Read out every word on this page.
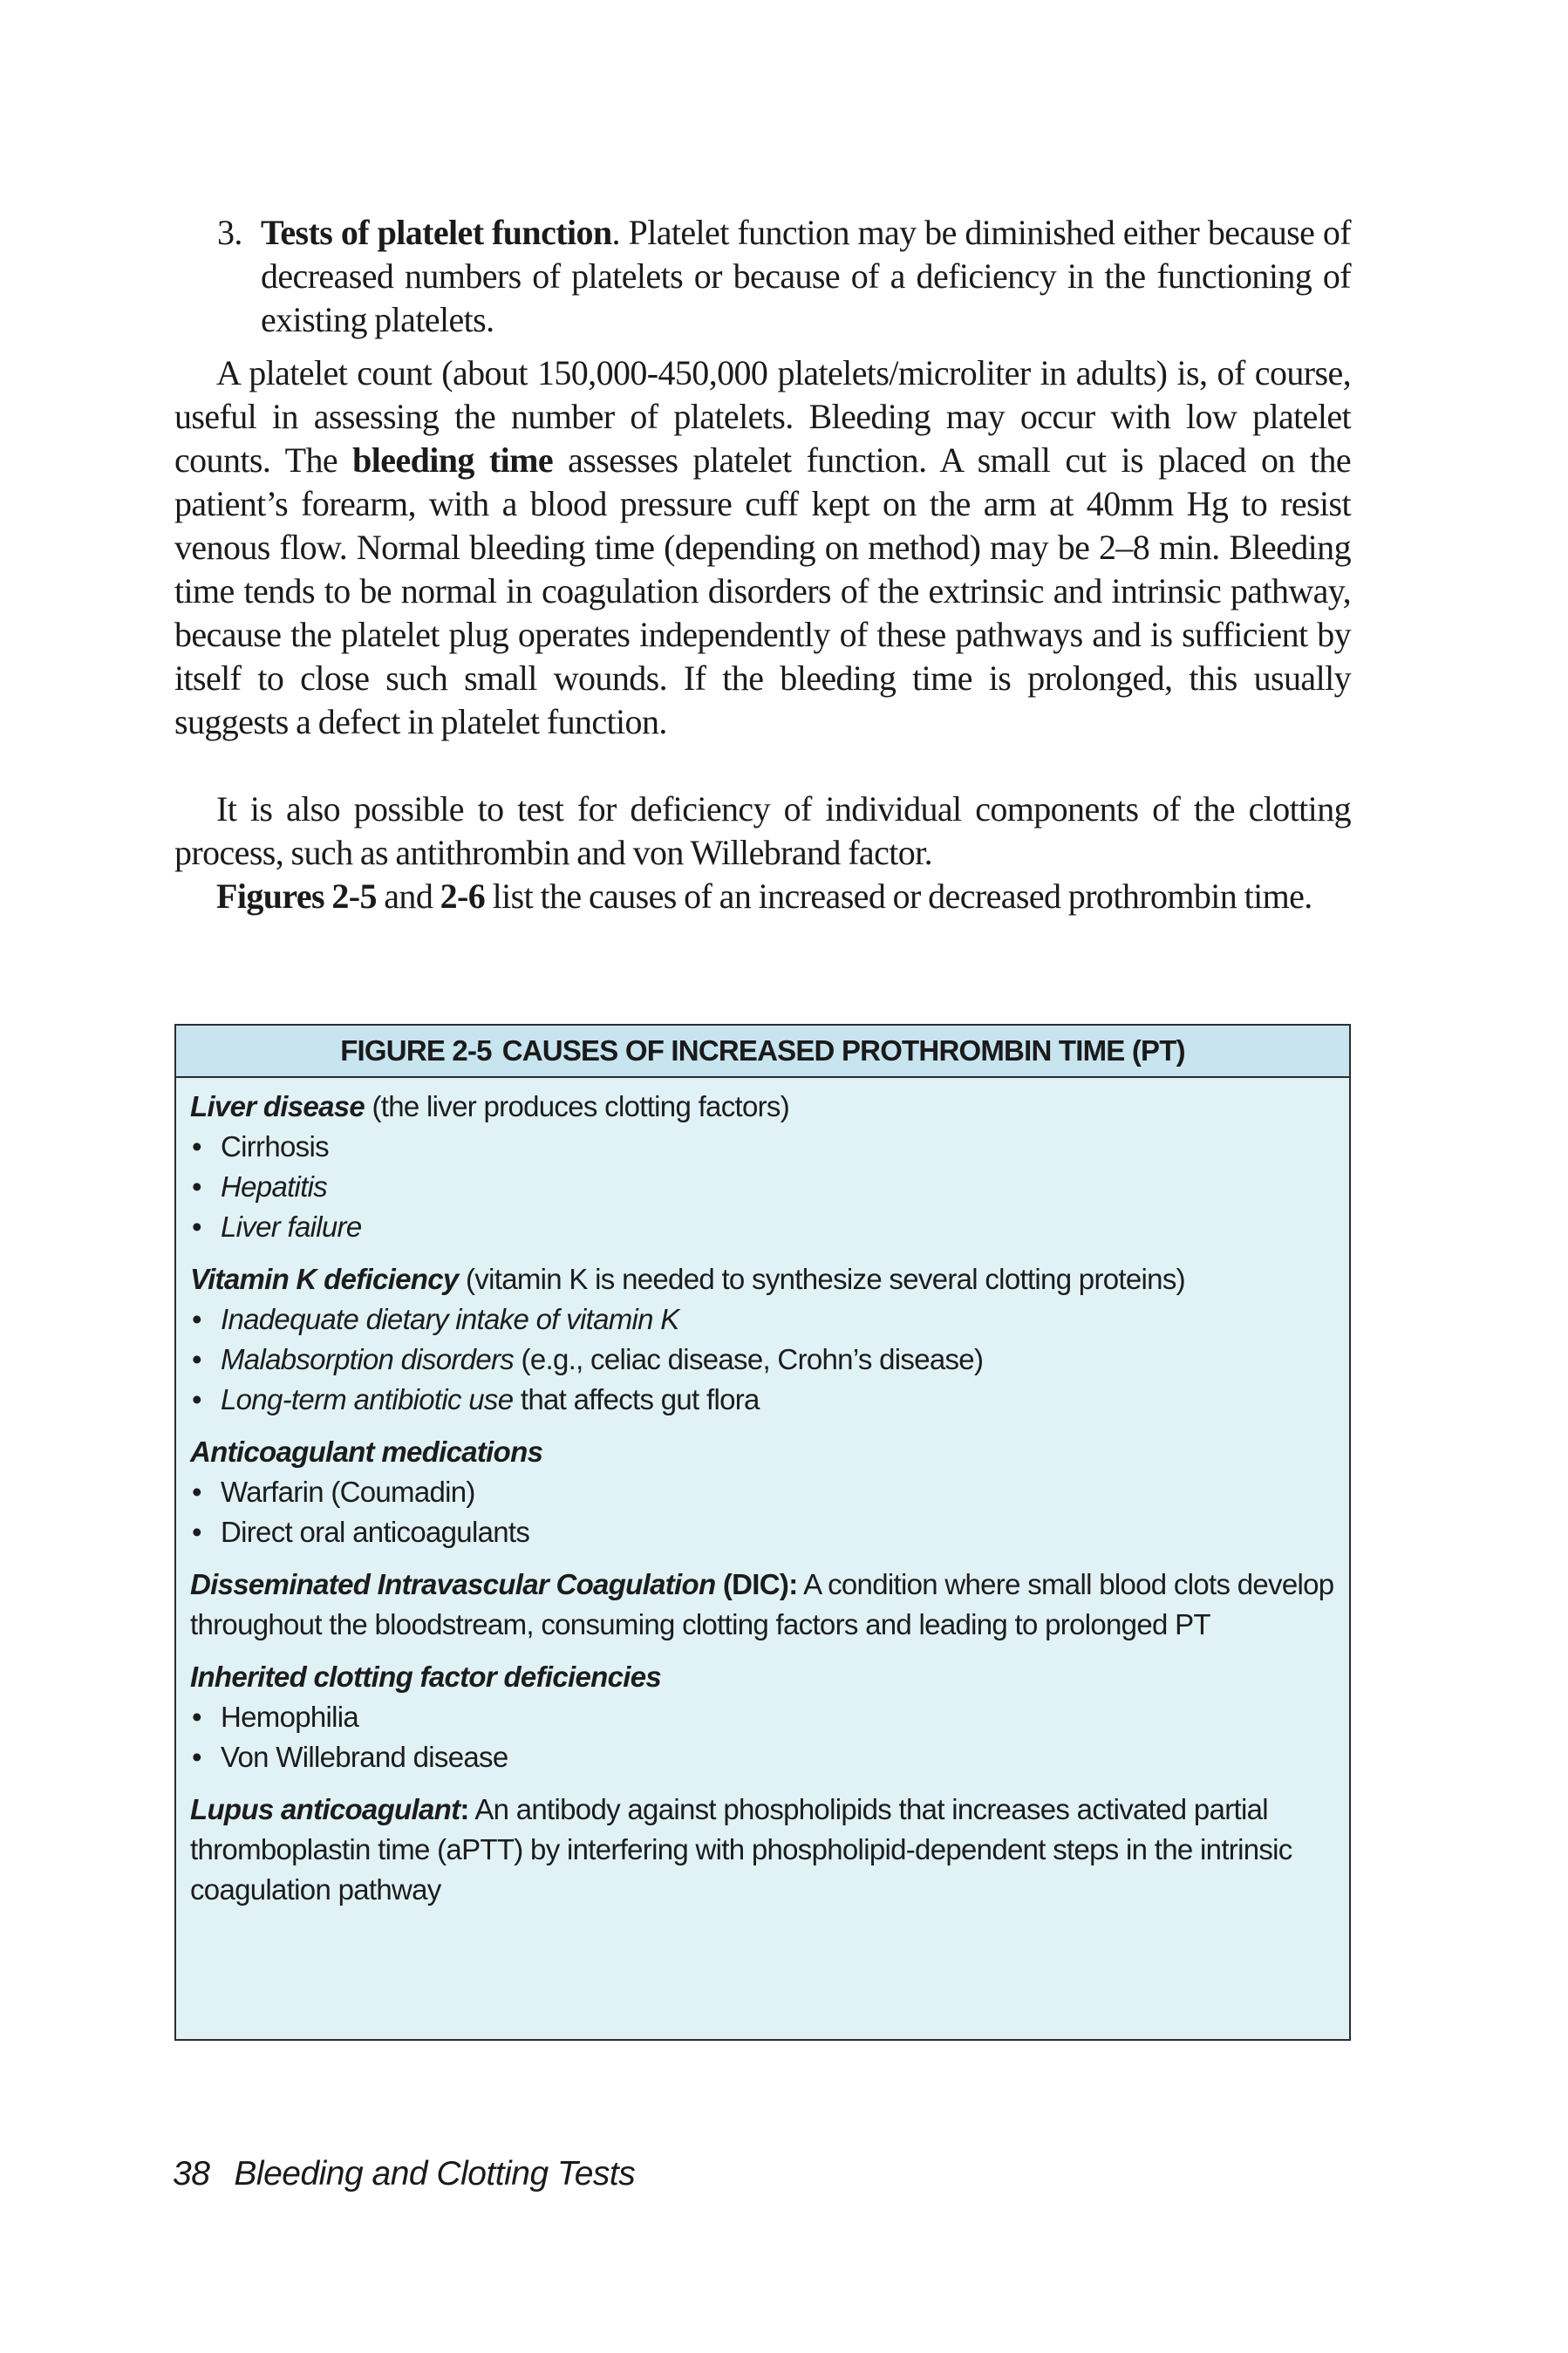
3. Tests of platelet function. Platelet function may be diminished either because of decreased numbers of platelets or because of a deficiency in the functioning of existing platelets.

A platelet count (about 150,000-450,000 platelets/microliter in adults) is, of course, useful in assessing the number of platelets. Bleeding may occur with low platelet counts. The bleeding time assesses platelet function. A small cut is placed on the patient’s forearm, with a blood pressure cuff kept on the arm at 40mm Hg to resist venous flow. Normal bleeding time (depending on method) may be 2–8 min. Bleeding time tends to be normal in coagulation disorders of the extrinsic and intrinsic pathway, because the platelet plug operates independently of these pathways and is sufficient by itself to close such small wounds. If the bleeding time is prolonged, this usually suggests a defect in platelet function.

It is also possible to test for deficiency of individual components of the clotting process, such as antithrombin and von Willebrand factor.

Figures 2-5 and 2-6 list the causes of an increased or decreased prothrombin time.

FIGURE 2-5 CAUSES OF INCREASED PROTHROMBIN TIME (PT)
Liver disease (the liver produces clotting factors)
• Cirrhosis
• Hepatitis
• Liver failure
Vitamin K deficiency (vitamin K is needed to synthesize several clotting proteins)
• Inadequate dietary intake of vitamin K
• Malabsorption disorders (e.g., celiac disease, Crohn’s disease)
• Long-term antibiotic use that affects gut flora
Anticoagulant medications
• Warfarin (Coumadin)
• Direct oral anticoagulants
Disseminated Intravascular Coagulation (DIC): A condition where small blood clots develop throughout the bloodstream, consuming clotting factors and leading to prolonged PT
Inherited clotting factor deficiencies
• Hemophilia
• Von Willebrand disease
Lupus anticoagulant: An antibody against phospholipids that increases activated partial thromboplastin time (aPTT) by interfering with phospholipid-dependent steps in the intrinsic coagulation pathway
38 Bleeding and Clotting Tests
